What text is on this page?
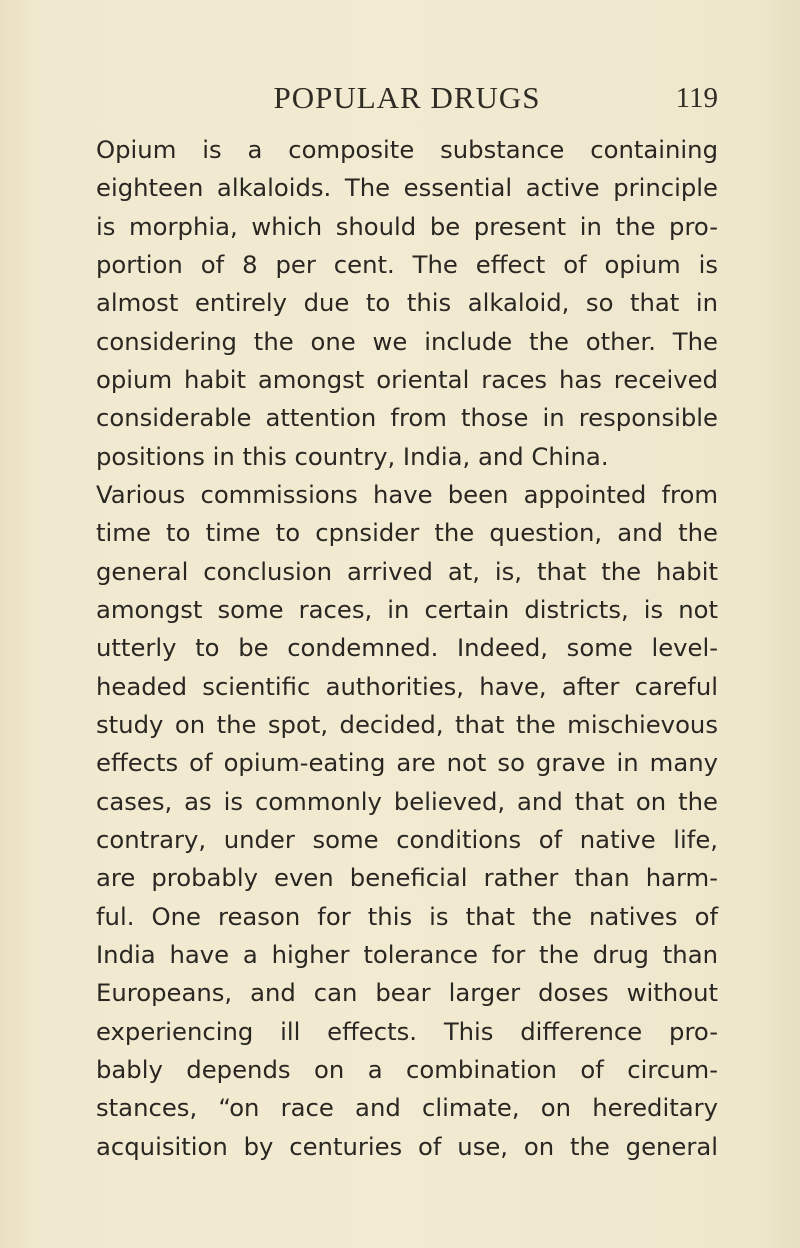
POPULAR DRUGS	119
Opium is a composite substance containing
eighteen alkaloids. The essential active principle
is morphia, which should be present in the pro-
portion of 8 per cent. The effect of opium is
almost entirely due to this alkaloid, so that in
considering the one we include the other. The
opium habit amongst oriental races has received
considerable attention from those in responsible
positions in this country, India, and China.
Various commissions have been appointed from
time to time to cpnsider the question, and the
general conclusion arrived at, is, that the habit
amongst some races, in certain districts, is not
utterly to be condemned. Indeed, some level-
headed scientific authorities, have, after careful
study on the spot, decided, that the mischievous
effects of opium-eating are not so grave in many
cases, as is commonly believed, and that on the
contrary, under some conditions of native life,
are probably even beneficial rather than harm-
ful. One reason for this is that the natives of
India have a higher tolerance for the drug than
Europeans, and can bear larger doses without
experiencing ill effects. This difference pro-
bably depends on a combination of circum-
stances, “on race and climate, on hereditary
acquisition by centuries of use, on the general
